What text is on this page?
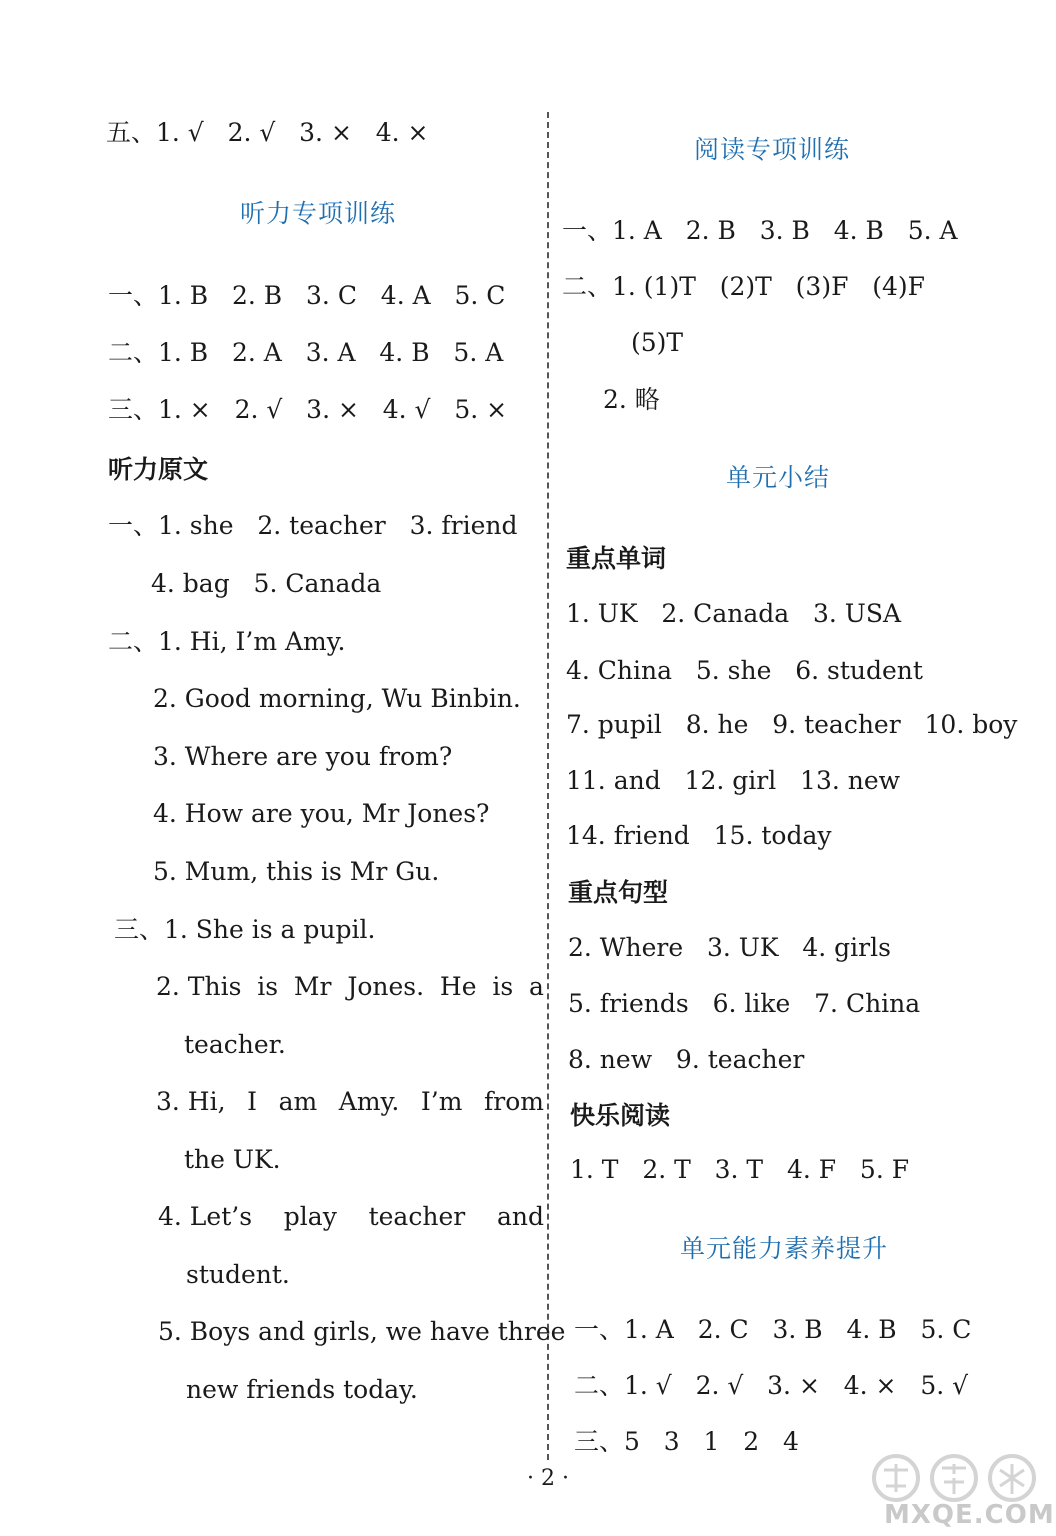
五、1. √   2. √   3. ×   4. ×
听力专项训练
一、1. B   2. B   3. C   4. A   5. C
二、1. B   2. A   3. A   4. B   5. A
三、1. ×   2. √   3. ×   4. √   5. ×
听力原文
一、1. she   2. teacher   3. friend
4. bag   5. Canada
二、1. Hi, I’m Amy.
2. Good morning, Wu Binbin.
3. Where are you from?
4. How are you, Mr Jones?
5. Mum, this is Mr Gu.
三、1. She is a pupil.
2. This is Mr Jones. He is a
teacher.
3. Hi, I am Amy. I’m from
the UK.
4. Let’s play teacher and
student.
5. Boys and girls, we have three
new friends today.
阅读专项训练
一、1. A   2. B   3. B   4. B   5. A
二、1. (1)T   (2)T   (3)F   (4)F
(5)T
2. 略
单元小结
重点单词
1. UK   2. Canada   3. USA
4. China   5. she   6. student
7. pupil   8. he   9. teacher   10. boy
11. and   12. girl   13. new
14. friend   15. today
重点句型
2. Where   3. UK   4. girls
5. friends   6. like   7. China
8. new   9. teacher
快乐阅读
1. T   2. T   3. T   4. F   5. F
单元能力素养提升
一、1. A   2. C   3. B   4. B   5. C
二、1. √   2. √   3. ×   4. ×   5. √
三、5   3   1   2   4
· 2 ·
MXQE.COM
